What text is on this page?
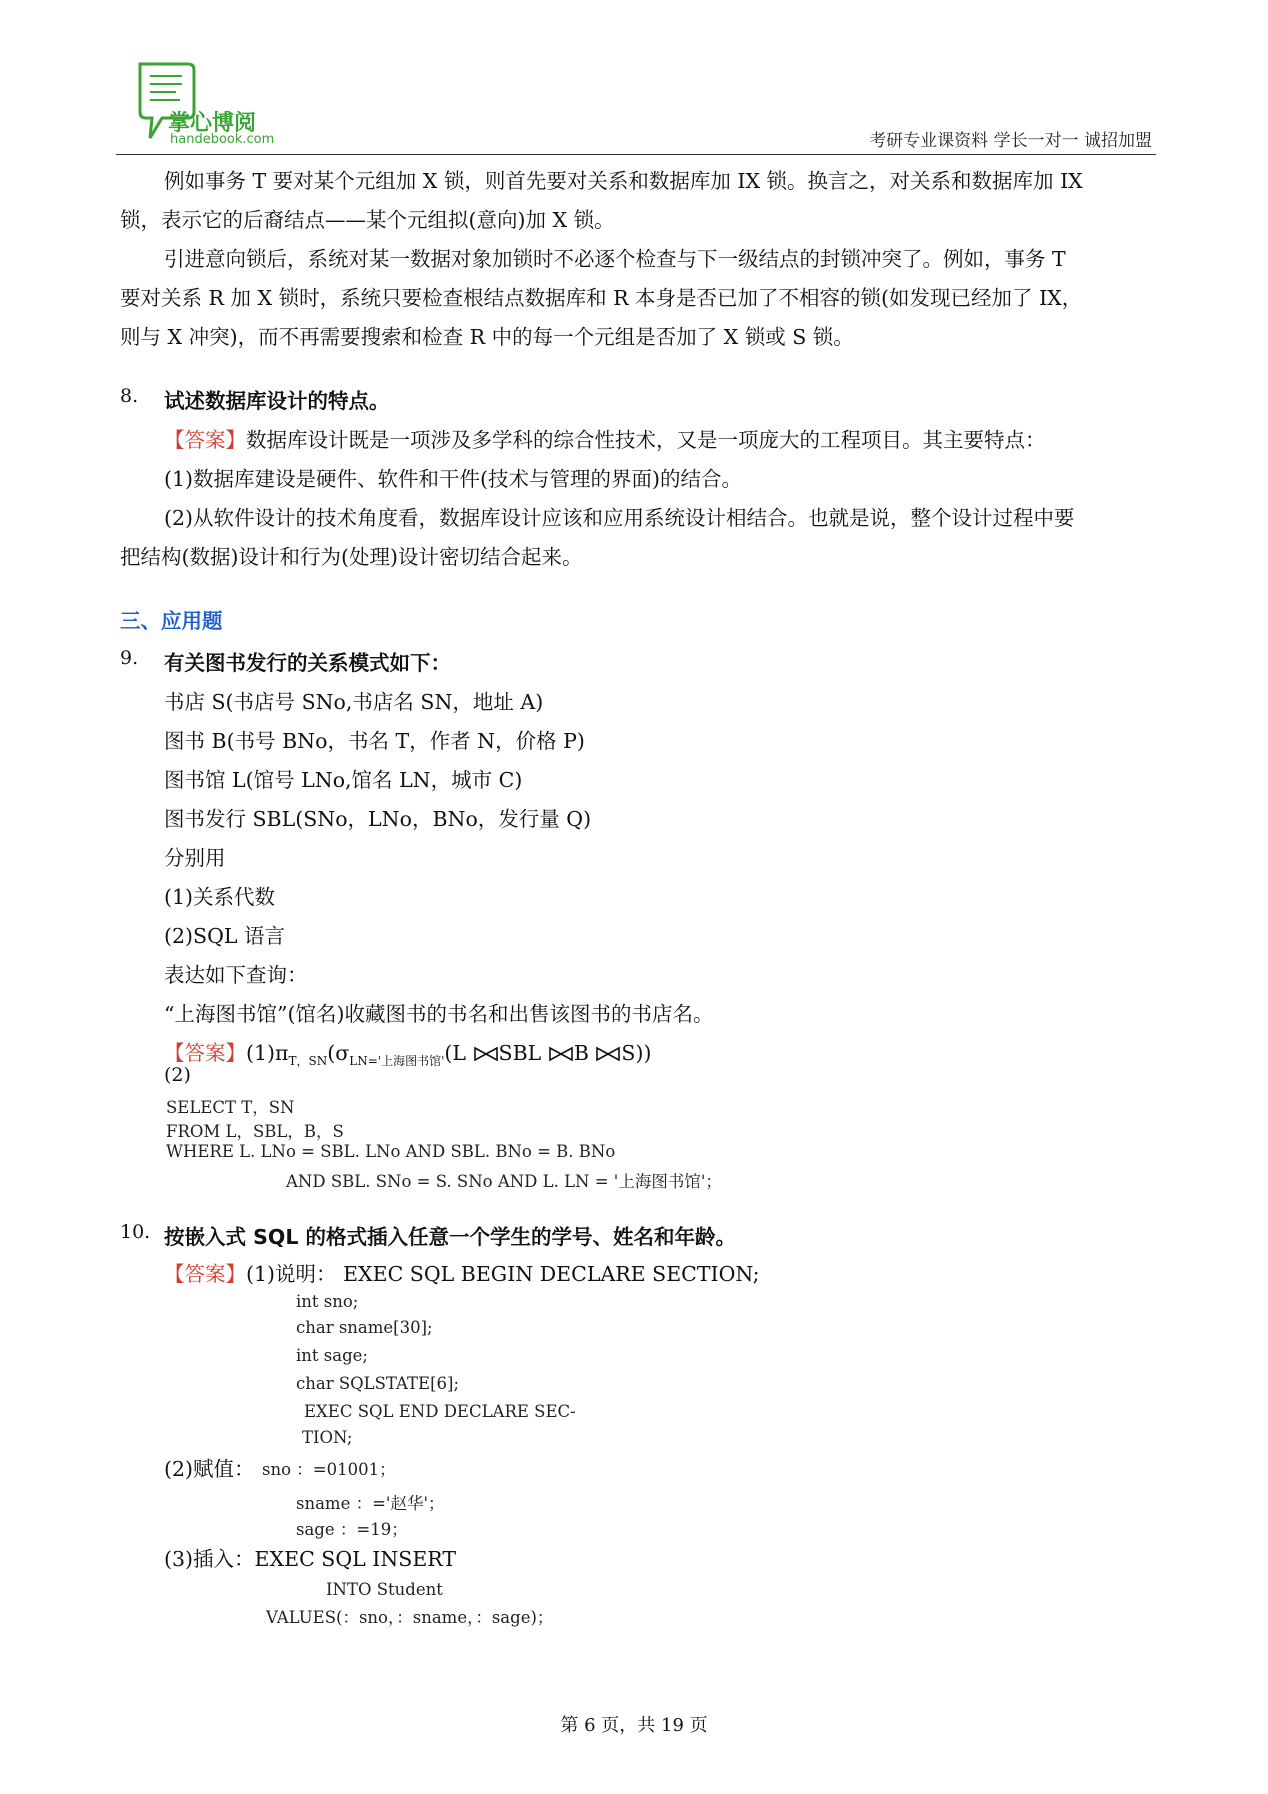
掌心博阅
handebook.com	考研专业课资料 学长一对一 诚招加盟
例如事务 T 要对某个元组加 X 锁，则首先要对关系和数据库加 IX 锁。换言之，对关系和数据库加 IX
锁，表示它的后裔结点——某个元组拟(意向)加 X 锁。
引进意向锁后，系统对某一数据对象加锁时不必逐个检查与下一级结点的封锁冲突了。例如，事务 T
要对关系 R 加 X 锁时，系统只要检查根结点数据库和 R 本身是否已加了不相容的锁(如发现已经加了 IX，
则与 X 冲突)，而不再需要搜索和检查 R 中的每一个元组是否加了 X 锁或 S 锁。
8. 试述数据库设计的特点。
【答案】数据库设计既是一项涉及多学科的综合性技术，又是一项庞大的工程项目。其主要特点：
(1)数据库建设是硬件、软件和干件(技术与管理的界面)的结合。
(2)从软件设计的技术角度看，数据库设计应该和应用系统设计相结合。也就是说，整个设计过程中要
把结构(数据)设计和行为(处理)设计密切结合起来。
三、应用题
9. 有关图书发行的关系模式如下：
书店 S(书店号 SNo,书店名 SN，地址 A)
图书 B(书号 BNo，书名 T，作者 N，价格 P)
图书馆 L(馆号 LNo,馆名 LN，城市 C)
图书发行 SBL(SNo，LNo，BNo，发行量 Q)
分别用
(1)关系代数
(2)SQL 语言
表达如下查询：
“上海图书馆”(馆名)收藏图书的书名和出售该图书的书店名。
【答案】$(1)\pi_{T,SN}(\sigma_{LN='上海图书馆'}(L$ SBL B S))
(2)
SELECT T，SN
FROM L，SBL，B，S
WHERE L. LNo = SBL. LNo AND SBL. BNo = B. BNo
AND SBL. SNo = S. SNo AND L. LN = '上海图书馆'；
10. 按嵌入式 SQL 的格式插入任意一个学生的学号、姓名和年龄。
【答案】(1)说明： EXEC SQL BEGIN DECLARE SECTION;
int sno;
char sname[30];
int sage;
char SQLSTATE[6];
EXEC SQL END DECLARE SEC-
TION;
(2)赋值： sno ：=01001；
sname ：='赵华'；
sage ：=19；
(3)插入：EXEC SQL INSERT
INTO Student
VALUES(：sno，：sname，：sage)；
第 6 页，共 19 页
